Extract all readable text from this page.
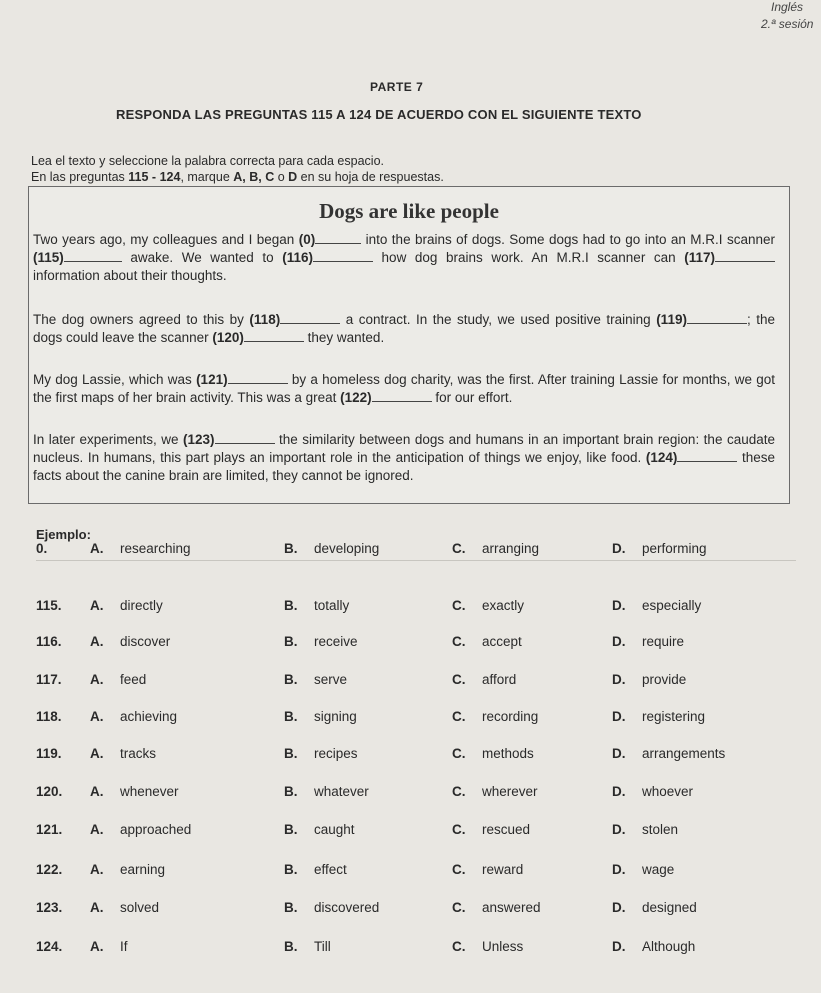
Inglés
2.ª sesión
PARTE 7
RESPONDA LAS PREGUNTAS 115 A 124 DE ACUERDO CON EL SIGUIENTE TEXTO
Lea el texto y seleccione la palabra correcta para cada espacio.
En las preguntas 115 - 124, marque A, B, C o D en su hoja de respuestas.
Dogs are like people
Two years ago, my colleagues and I began (0)	into the brains of dogs. Some dogs had to go into an M.R.I scanner (115)	awake. We wanted to (116)	how dog brains work. An M.R.I scanner can (117) information about their thoughts.
The dog owners agreed to this by (118)	a contract. In the study, we used positive training (119)	; the dogs could leave the scanner (120)	they wanted.
My dog Lassie, which was (121)	by a homeless dog charity, was the first. After training Lassie for months, we got the first maps of her brain activity. This was a great (122)	for our effort.
In later experiments, we (123)	the similarity between dogs and humans in an important brain region: the caudate nucleus. In humans, this part plays an important role in the anticipation of things we enjoy, like food. (124)	these facts about the canine brain are limited, they cannot be ignored.
Ejemplo:
0.	A. researching	B. developing	C. arranging	D. performing
115. A. directly	B. totally	C. exactly	D. especially
116. A. discover	B. receive	C. accept	D. require
117. A. feed	B. serve	C. afford	D. provide
118. A. achieving	B. signing	C. recording	D. registering
119. A. tracks	B. recipes	C. methods	D. arrangements
120. A. whenever	B. whatever	C. wherever	D. whoever
121. A. approached	B. caught	C. rescued	D. stolen
122. A. earning	B. effect	C. reward	D. wage
123. A. solved	B. discovered	C. answered	D. designed
124. A. If	B. Till	C. Unless	D. Although
